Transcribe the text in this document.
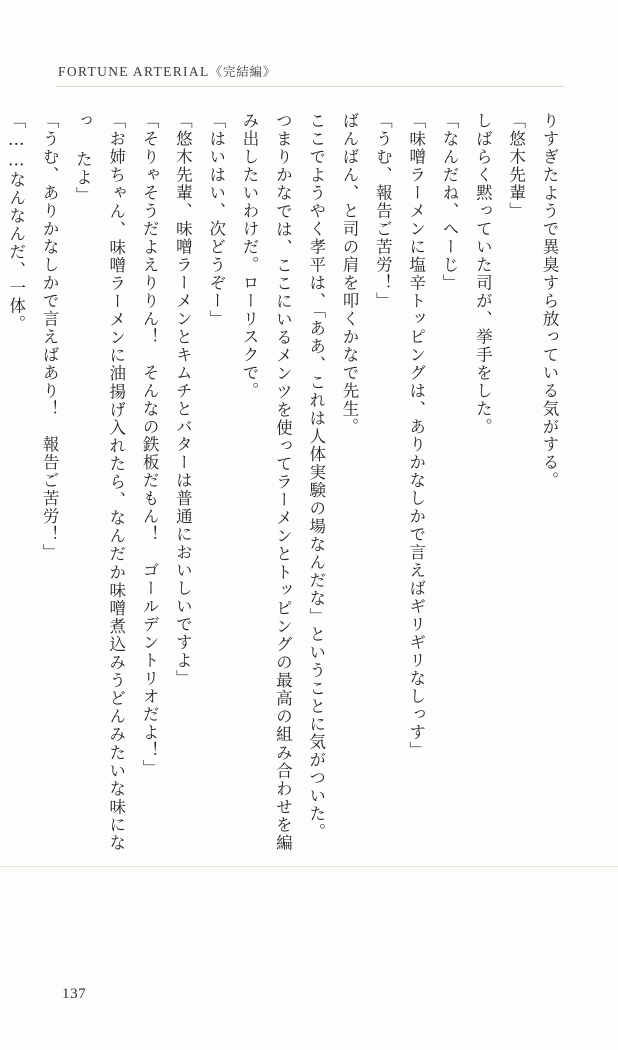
FORTUNE ARTERIAL《完結編》

りすぎたようで異臭すら放っている気がする。

「悠木先輩」

しばらく黙っていた司が、挙手をした。

「なんだね、へーじ」

「味噌ラーメンに塩辛トッピングは、ありかなしかで言えばギリギリなしっす」

「うむ、報告ご苦労！」

ばんばん、と司の肩を叩くかなで先生。

ここでようやく孝平は、「ああ、これは人体実験の場なんだな」ということに気がついた。

つまりかなでは、ここにいるメンツを使ってラーメンとトッピングの最高の組み合わせを編み出したいわけだ。ローリスクで。

「はいはい、次どうぞー」

「悠木先輩、味噌ラーメンとキムチとバターは普通においしいですよ」

「そりゃそうだよえりりん！　そんなの鉄板だもん！　ゴールデントリオだよ！」

「お姉ちゃん、味噌ラーメンに油揚げ入れたら、なんだか味噌煮込みうどんみたいな味になっ たよ」

「うむ、ありかなしかで言えばあり！　報告ご苦労！」

「……なんなんだ、一体。

137
